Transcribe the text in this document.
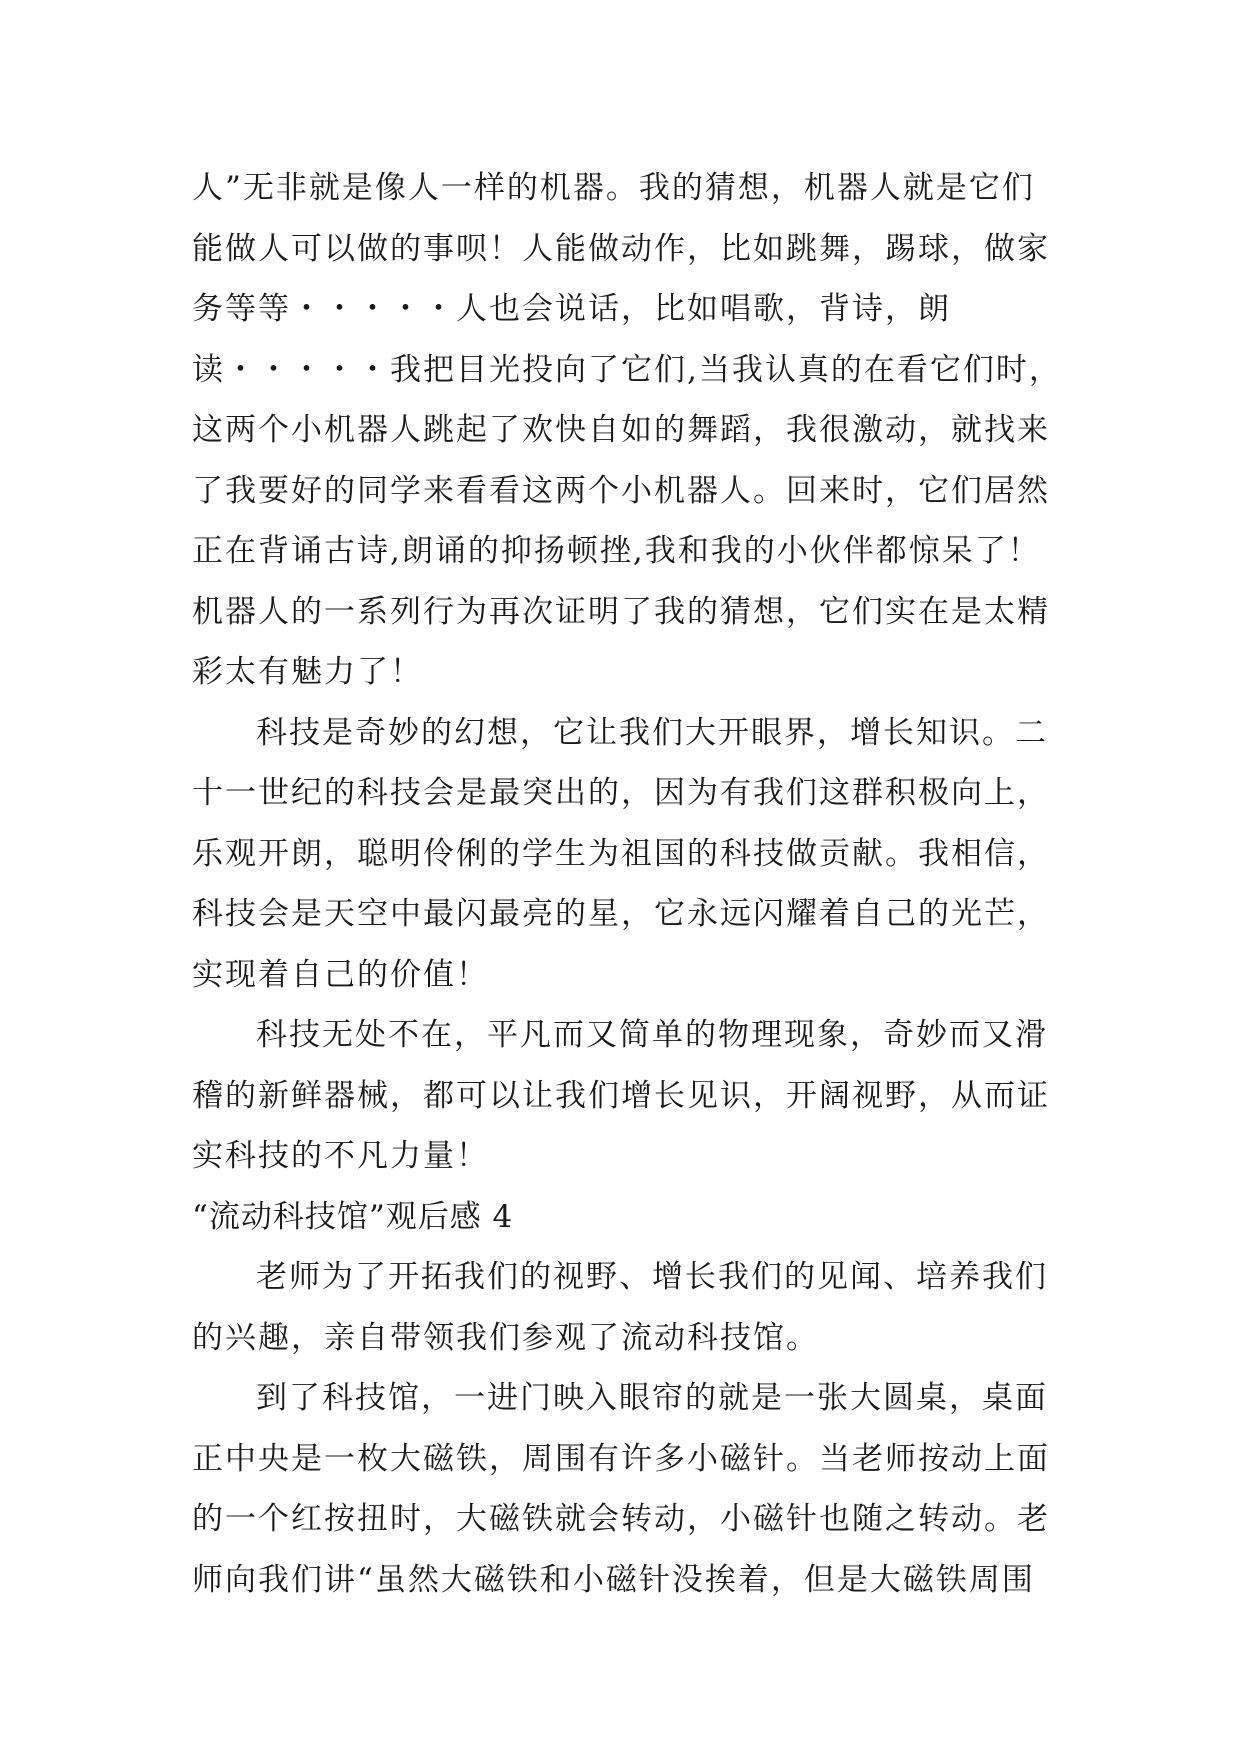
人”无非就是像人一样的机器。我的猜想，机器人就是它们
能做人可以做的事呗！人能做动作，比如跳舞，踢球，做家
务等等・・・・・人也会说话，比如唱歌，背诗，朗
读・・・・・我把目光投向了它们,当我认真的在看它们时，
这两个小机器人跳起了欢快自如的舞蹈，我很激动，就找来
了我要好的同学来看看这两个小机器人。回来时，它们居然
正在背诵古诗,朗诵的抑扬顿挫,我和我的小伙伴都惊呆了！
机器人的一系列行为再次证明了我的猜想，它们实在是太精
彩太有魅力了！
科技是奇妙的幻想，它让我们大开眼界，增长知识。二
十一世纪的科技会是最突出的，因为有我们这群积极向上，
乐观开朗，聪明伶俐的学生为祖国的科技做贡献。我相信，
科技会是天空中最闪最亮的星，它永远闪耀着自己的光芒，
实现着自己的价值！
科技无处不在，平凡而又简单的物理现象，奇妙而又滑
稽的新鲜器械，都可以让我们增长见识，开阔视野，从而证
实科技的不凡力量！
“流动科技馆”观后感 4
老师为了开拓我们的视野、增长我们的见闻、培养我们
的兴趣，亲自带领我们参观了流动科技馆。
到了科技馆，一进门映入眼帘的就是一张大圆桌，桌面
正中央是一枚大磁铁，周围有许多小磁针。当老师按动上面
的一个红按扭时，大磁铁就会转动，小磁针也随之转动。老
师向我们讲“虽然大磁铁和小磁针没挨着，但是大磁铁周围
